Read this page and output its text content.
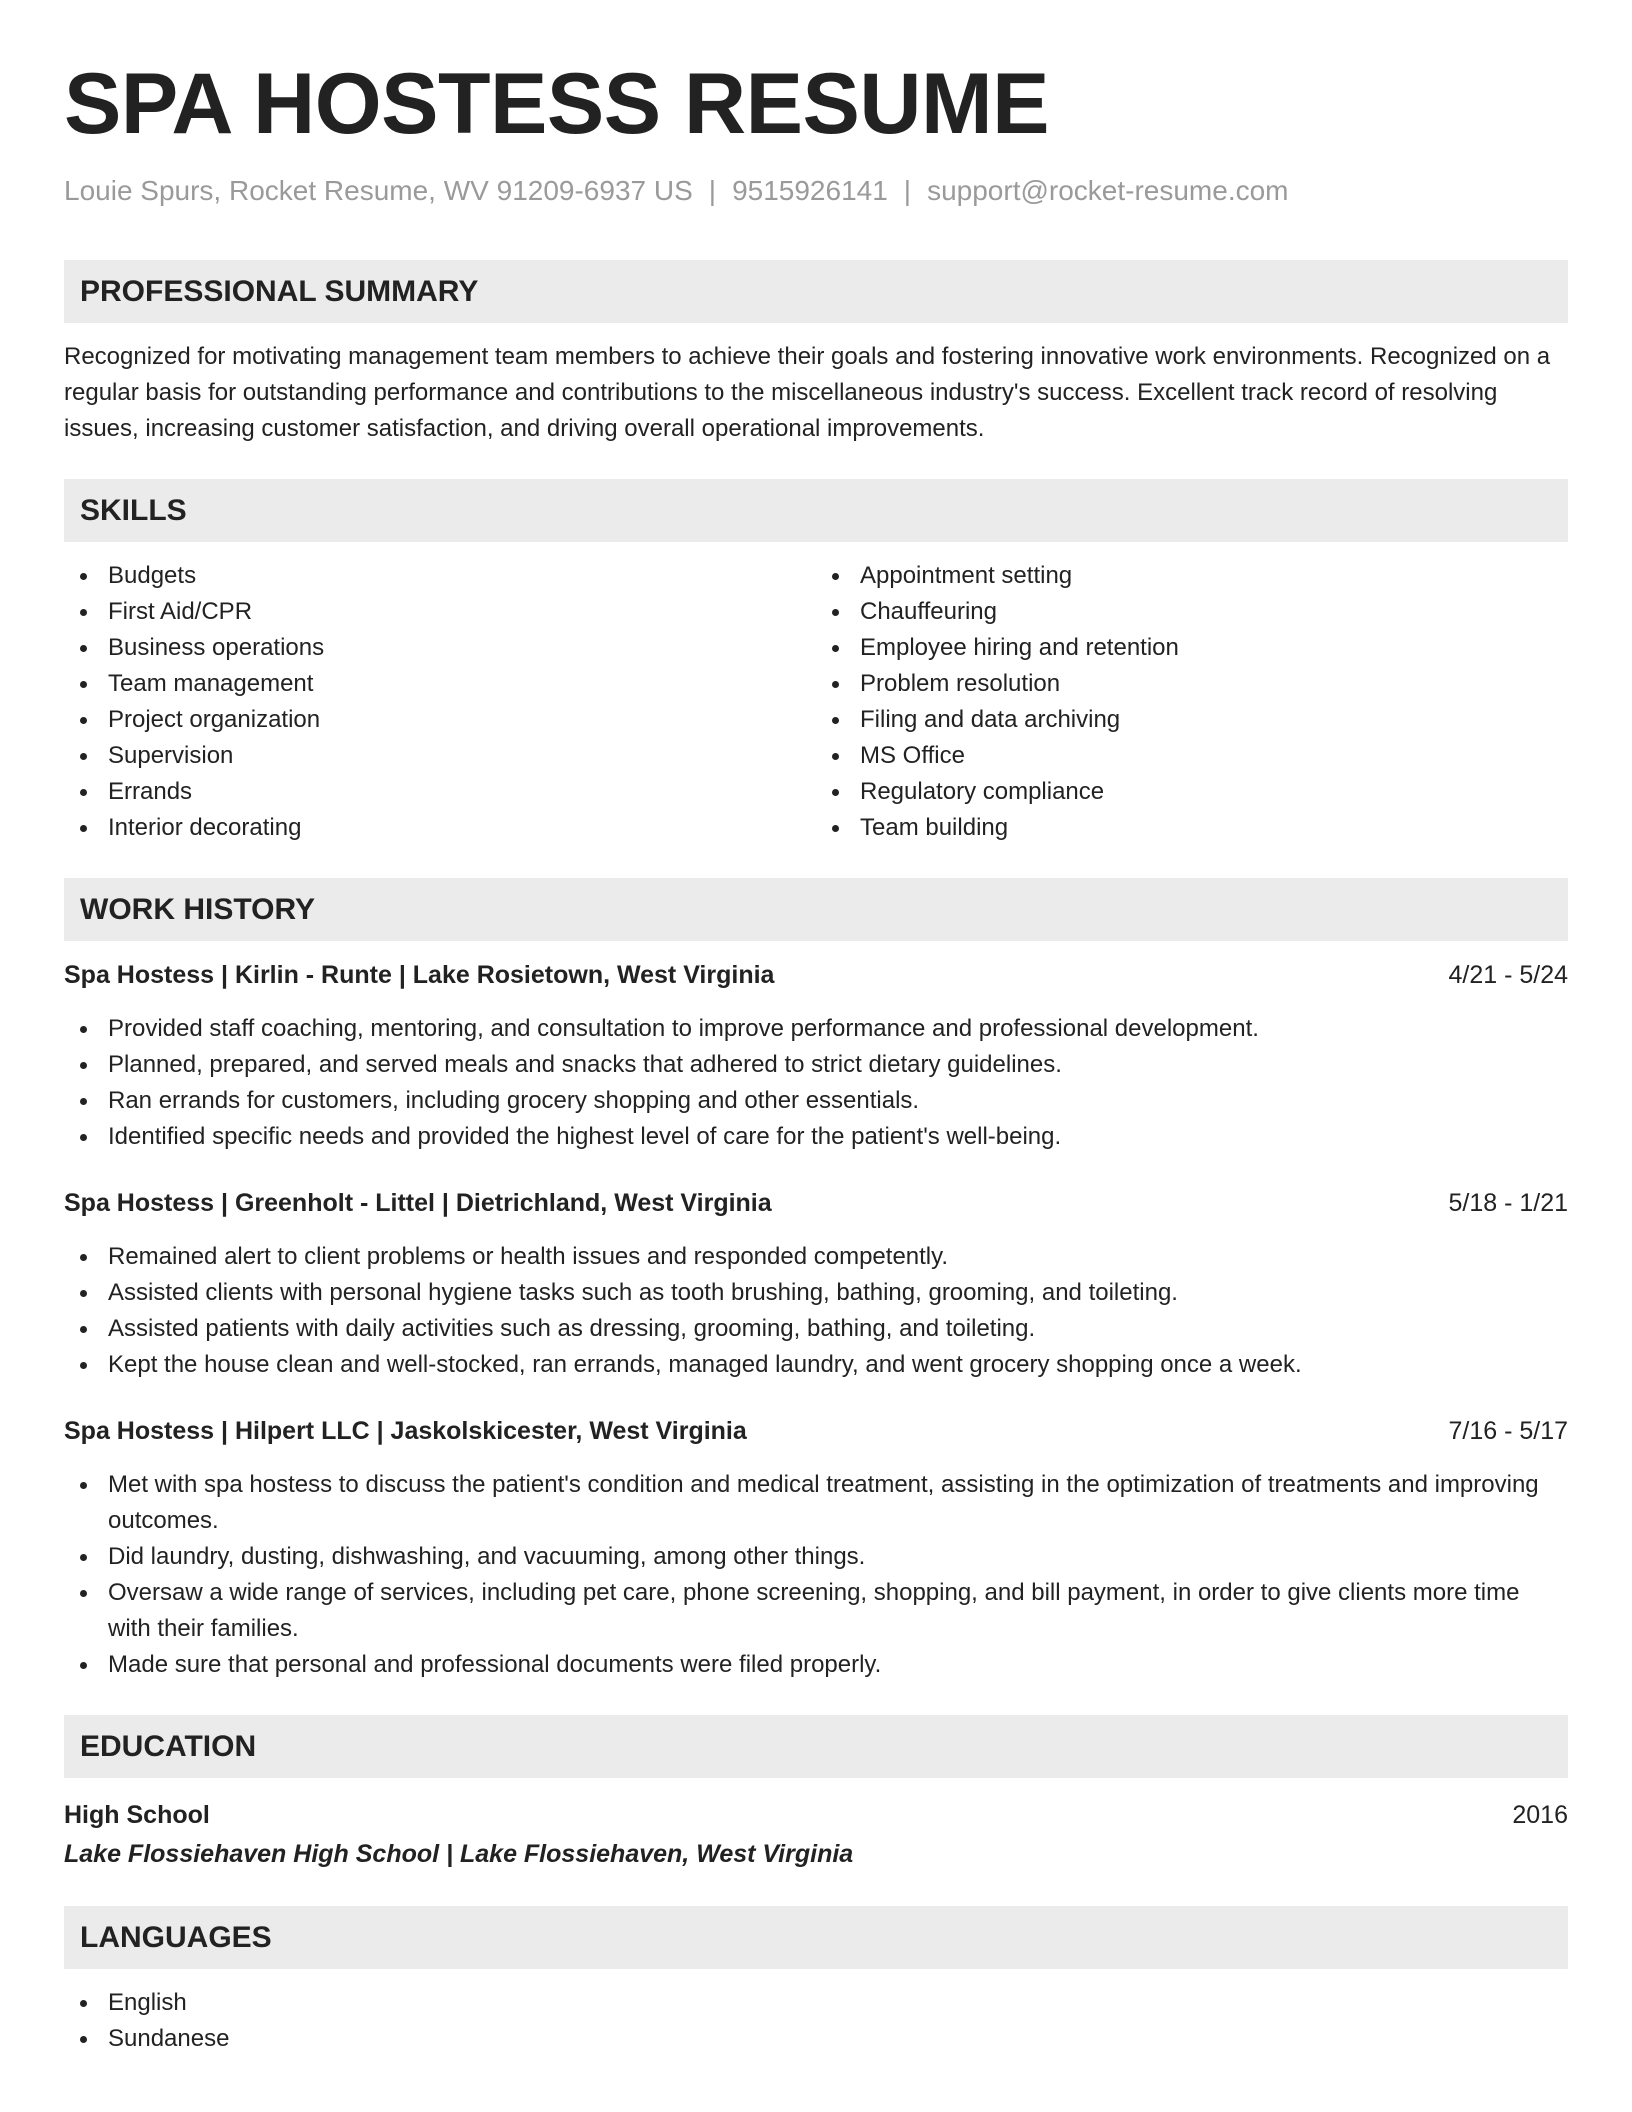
SPA HOSTESS RESUME
Louie Spurs, Rocket Resume, WV 91209-6937 US | 9515926141 | support@rocket-resume.com
PROFESSIONAL SUMMARY
Recognized for motivating management team members to achieve their goals and fostering innovative work environments. Recognized on a regular basis for outstanding performance and contributions to the miscellaneous industry's success. Excellent track record of resolving issues, increasing customer satisfaction, and driving overall operational improvements.
SKILLS
Budgets
First Aid/CPR
Business operations
Team management
Project organization
Supervision
Errands
Interior decorating
Appointment setting
Chauffeuring
Employee hiring and retention
Problem resolution
Filing and data archiving
MS Office
Regulatory compliance
Team building
WORK HISTORY
Spa Hostess | Kirlin - Runte | Lake Rosietown, West Virginia	4/21 - 5/24
Provided staff coaching, mentoring, and consultation to improve performance and professional development.
Planned, prepared, and served meals and snacks that adhered to strict dietary guidelines.
Ran errands for customers, including grocery shopping and other essentials.
Identified specific needs and provided the highest level of care for the patient's well-being.
Spa Hostess | Greenholt - Littel | Dietrichland, West Virginia	5/18 - 1/21
Remained alert to client problems or health issues and responded competently.
Assisted clients with personal hygiene tasks such as tooth brushing, bathing, grooming, and toileting.
Assisted patients with daily activities such as dressing, grooming, bathing, and toileting.
Kept the house clean and well-stocked, ran errands, managed laundry, and went grocery shopping once a week.
Spa Hostess | Hilpert LLC | Jaskolskicester, West Virginia	7/16 - 5/17
Met with spa hostess to discuss the patient's condition and medical treatment, assisting in the optimization of treatments and improving outcomes.
Did laundry, dusting, dishwashing, and vacuuming, among other things.
Oversaw a wide range of services, including pet care, phone screening, shopping, and bill payment, in order to give clients more time with their families.
Made sure that personal and professional documents were filed properly.
EDUCATION
High School	2016
Lake Flossiehaven High School | Lake Flossiehaven, West Virginia
LANGUAGES
English
Sundanese
